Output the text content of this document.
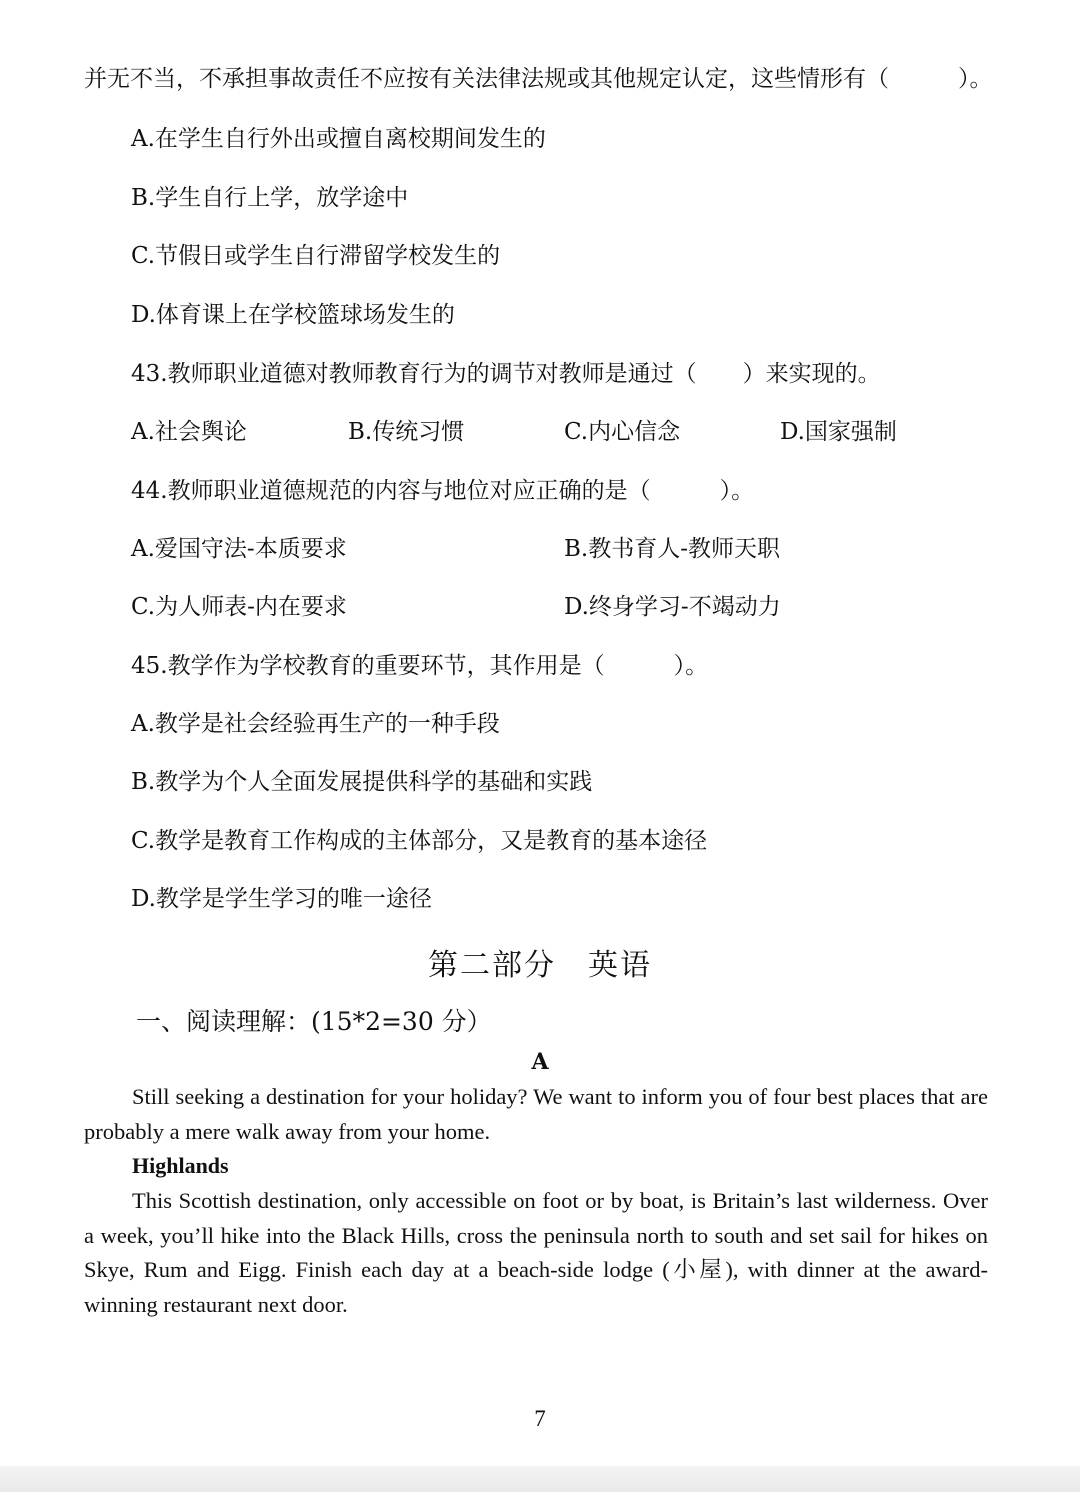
并无不当，不承担事故责任不应按有关法律法规或其他规定认定，这些情形有（　　　）。
A.在学生自行外出或擅自离校期间发生的
B.学生自行上学，放学途中
C.节假日或学生自行滞留学校发生的
D.体育课上在学校篮球场发生的
43.教师职业道德对教师教育行为的调节对教师是通过（　　）来实现的。
A.社会舆论	B.传统习惯	C.内心信念	D.国家强制
44.教师职业道德规范的内容与地位对应正确的是（　　　）。
A.爱国守法-本质要求	B.教书育人-教师天职
C.为人师表-内在要求	D.终身学习-不竭动力
45.教学作为学校教育的重要环节，其作用是（　　　）。
A.教学是社会经验再生产的一种手段
B.教学为个人全面发展提供科学的基础和实践
C.教学是教育工作构成的主体部分，又是教育的基本途径
D.教学是学生学习的唯一途径
第二部分　英语
一、阅读理解：(15*2=30 分）
A
Still seeking a destination for your holiday? We want to inform you of four best places that are probably a mere walk away from your home.
Highlands
This Scottish destination, only accessible on foot or by boat, is Britain’s last wilderness. Over a week, you’ll hike into the Black Hills, cross the peninsula north to south and set sail for hikes on Skye, Rum and Eigg. Finish each day at a beach-side lodge (小屋), with dinner at the award-winning restaurant next door.
7
